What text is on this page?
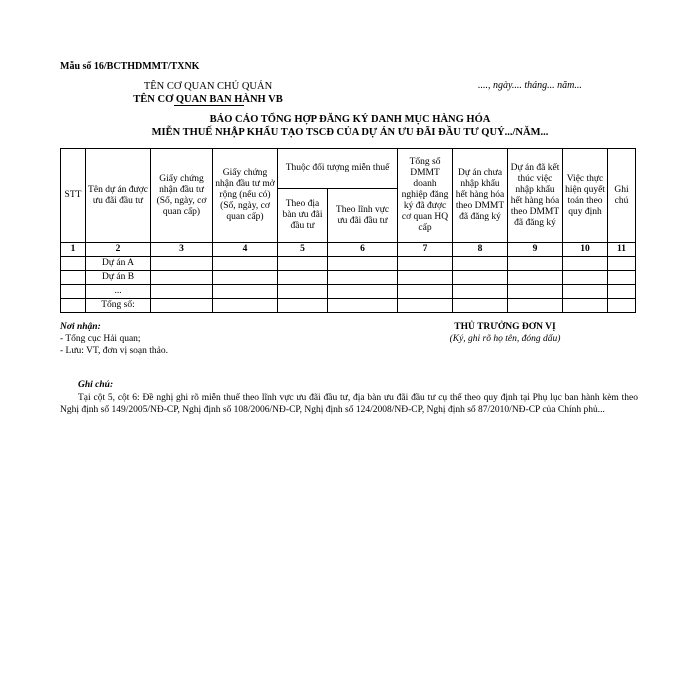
Mẫu số 16/BCTHDMMT/TXNK
TÊN CƠ QUAN CHỦ QUẢN
TÊN CƠ QUAN BAN HÀNH VB
...., ngày.... tháng... năm...
BÁO CÁO TỔNG HỢP ĐĂNG KÝ DANH MỤC HÀNG HÓA
MIỄN THUẾ NHẬP KHẨU TẠO TSCĐ CỦA DỰ ÁN ƯU ĐÃI ĐẦU TƯ QUÝ.../NĂM...
STT	Tên dự án được ưu đãi đầu tư	Giấy chứng nhận đầu tư (Số, ngày, cơ quan cấp)	Giấy chứng nhận đầu tư mở rộng (nếu có) (Số, ngày, cơ quan cấp)	Thuộc đối tượng miễn thuế		Tổng số DMMT doanh nghiệp đăng ký đã được cơ quan HQ cấp	Dự án chưa nhập khẩu hết hàng hóa theo DMMT đã đăng ký	Dự án đã kết thúc việc nhập khẩu hết hàng hóa theo DMMT đã đăng ký	Việc thực hiện quyết toán theo quy định	Ghi chú
				Theo địa bàn ưu đãi đầu tư	Theo lĩnh vực ưu đãi đầu tư					
1	2	3	4	5	6	7	8	9	10	11
	Dự án A									
	Dự án B									
	...									
	Tổng số:									
Nơi nhận:
- Tổng cục Hải quan;
- Lưu: VT, đơn vị soạn thảo.
THỦ TRƯỞNG ĐƠN VỊ
(Ký, ghi rõ họ tên, đóng dấu)
Ghi chú:
Tại cột 5, cột 6: Đề nghị ghi rõ miễn thuế theo lĩnh vực ưu đãi đầu tư, địa bàn ưu đãi đầu tư cụ thể theo quy định tại Phụ lục ban hành kèm theo Nghị định số 149/2005/NĐ-CP, Nghị định số 108/2006/NĐ-CP, Nghị định số 124/2008/NĐ-CP, Nghị định số 87/2010/NĐ-CP của Chính phủ...
